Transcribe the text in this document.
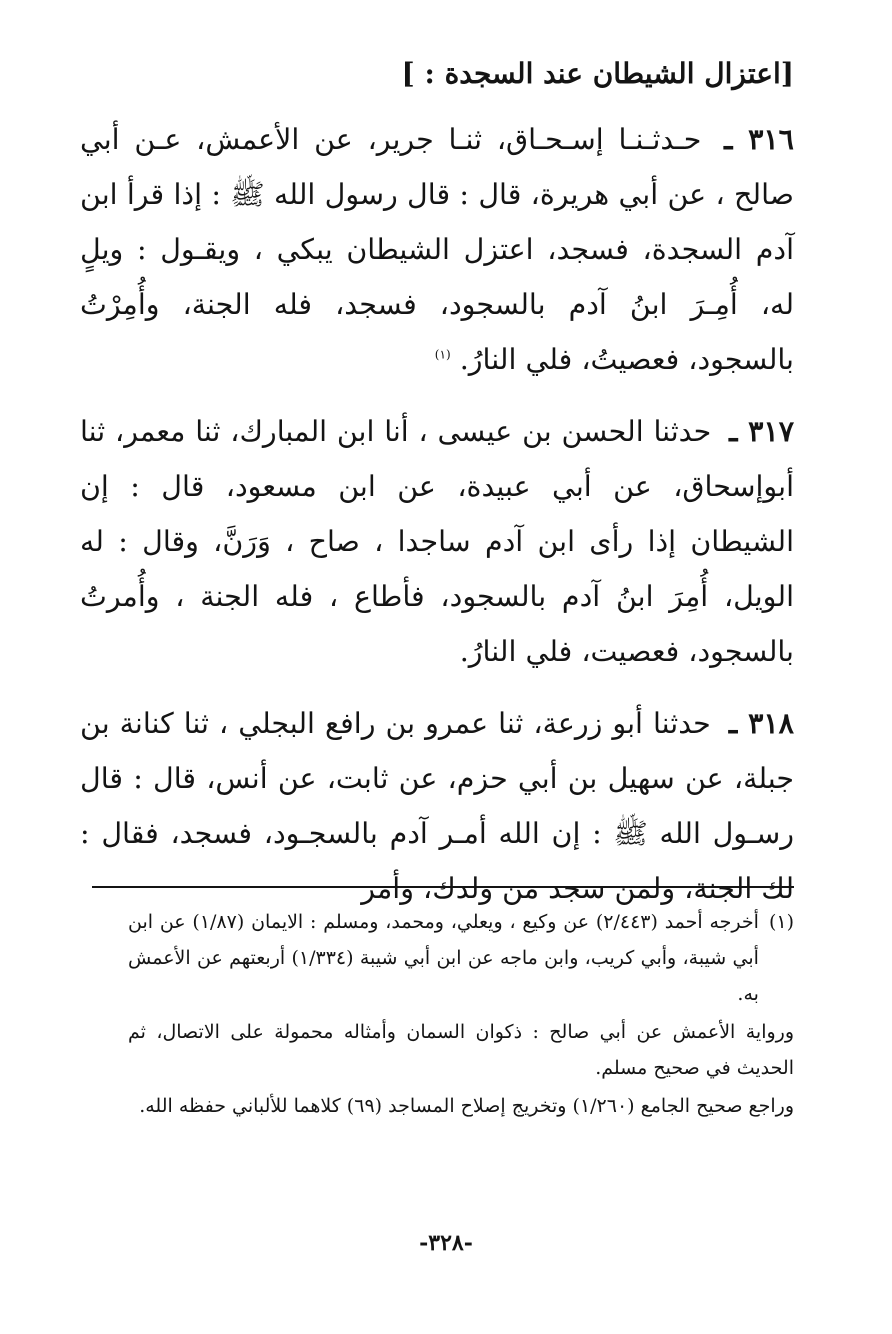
[اعتزال الشيطان عند السجدة : ]

٣١٦ ـ حـدثـنـا إسـحـاق، ثنـا جرير، عن الأعمش، عـن أبي صالح ، عن أبي هريرة، قال : قال رسول الله ﷺ : إذا قرأ ابن آدم السجدة، فسجد، اعتزل الشيطان يبكي ، ويقـول : ويلٍ له، أُمِـرَ ابنُ آدم بالسجود، فسجد، فله الجنة، وأُمِرْتُ بالسجود، فعصيتُ، فلي النارُ. $^{(١)}$

٣١٧ ـ حدثنا الحسن بن عيسى ، أنا ابن المبارك، ثنا معمر، ثنا أبوإسحاق، عن أبي عبيدة، عن ابن مسعود، قال : إن الشيطان إذا رأى ابن آدم ساجدا ، صاح ، وَرَنَّ، وقال : له الويل، أُمِرَ ابنُ آدم بالسجود، فأطاع ، فله الجنة ، وأُمرتُ بالسجود، فعصيت، فلي النارُ.

٣١٨ ـ حدثنا أبو زرعة، ثنا عمرو بن رافع البجلي ، ثنا كنانة بن جبلة، عن سهيل بن أبي حزم، عن ثابت، عن أنس، قال : قال رسـول الله ﷺ : إن الله أمـر آدم بالسجـود، فسجد، فقال : لك الجنة، ولمن سجد من ولدك، وأمر

(١)
أخرجه أحمد (٢/٤٤٣) عن وكيع ، ويعلي، ومحمد، ومسلم : الايمان (١/٨٧) عن ابن أبي شيبة، وأبي كريب، وابن ماجه عن ابن أبي شيبة (١/٣٣٤) أربعتهم عن الأعمش به.
ورواية الأعمش عن أبي صالح : ذكوان السمان وأمثاله محمولة على الاتصال، ثم الحديث في صحيح مسلم.
وراجع صحيح الجامع (١/٢٦٠) وتخريج إصلاح المساجد (٦٩) كلاهما للألباني حفظه الله.
-٣٢٨-
